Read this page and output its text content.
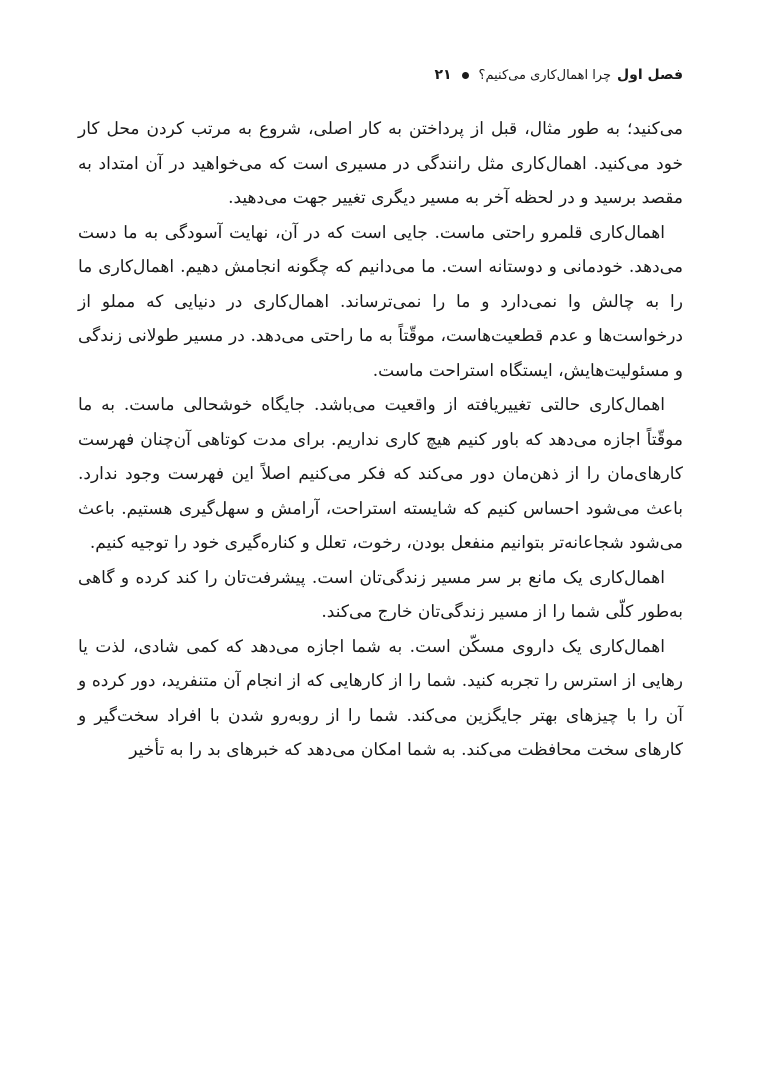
فصل اول
چرا اهمال‌کاری می‌کنیم؟
۲۱

می‌کنید؛ به طور مثال، قبل از پرداختن به کار اصلی، شروع به مرتب کردن محل کار خود می‌کنید. اهمال‌کاری مثل رانندگی در مسیری است که می‌خواهید در آن امتداد به مقصد برسید و در لحظه آخر به مسیر دیگری تغییر جهت می‌دهید.

اهمال‌کاری قلمرو راحتی ماست. جایی است که در آن، نهایت آسودگی به ما دست می‌دهد. خودمانی و دوستانه است. ما می‌دانیم که چگونه انجامش دهیم. اهمال‌کاری ما را به چالش وا نمی‌دارد و ما را نمی‌ترساند. اهمال‌کاری در دنیایی که مملو از درخواست‌ها و عدم قطعیت‌هاست، موقّتاً به ما راحتی می‌دهد. در مسیر طولانی زندگی و مسئولیت‌هایش، ایستگاه استراحت ماست.

اهمال‌کاری حالتی تغییریافته از واقعیت می‌باشد. جایگاه خوشحالی ماست. به ما موقّتاً اجازه می‌دهد که باور کنیم هیچ کاری نداریم. برای مدت کوتاهی آن‌چنان فهرست کارهای‌مان را از ذهن‌مان دور می‌کند که فکر می‌کنیم اصلاً این فهرست وجود ندارد. باعث می‌شود احساس کنیم که شایسته استراحت، آرامش و سهل‌گیری هستیم. باعث می‌شود شجاعانه‌تر بتوانیم منفعل بودن، رخوت، تعلل و کناره‌گیری خود را توجیه کنیم.

اهمال‌کاری یک مانع بر سر مسیر زندگی‌تان است. پیشرفت‌تان را کند کرده و گاهی به‌طور کلّی شما را از مسیر زندگی‌تان خارج می‌کند.

اهمال‌کاری یک داروی مسکّن است. به شما اجازه می‌دهد که کمی شادی، لذت یا رهایی از استرس را تجربه کنید. شما را از کارهایی که از انجام آن متنفرید، دور کرده و آن را با چیزهای بهتر جایگزین می‌کند. شما را از روبه‌رو شدن با افراد سخت‌گیر و کارهای سخت محافظت می‌کند. به شما امکان می‌دهد که خبرهای بد را به تأخیر
